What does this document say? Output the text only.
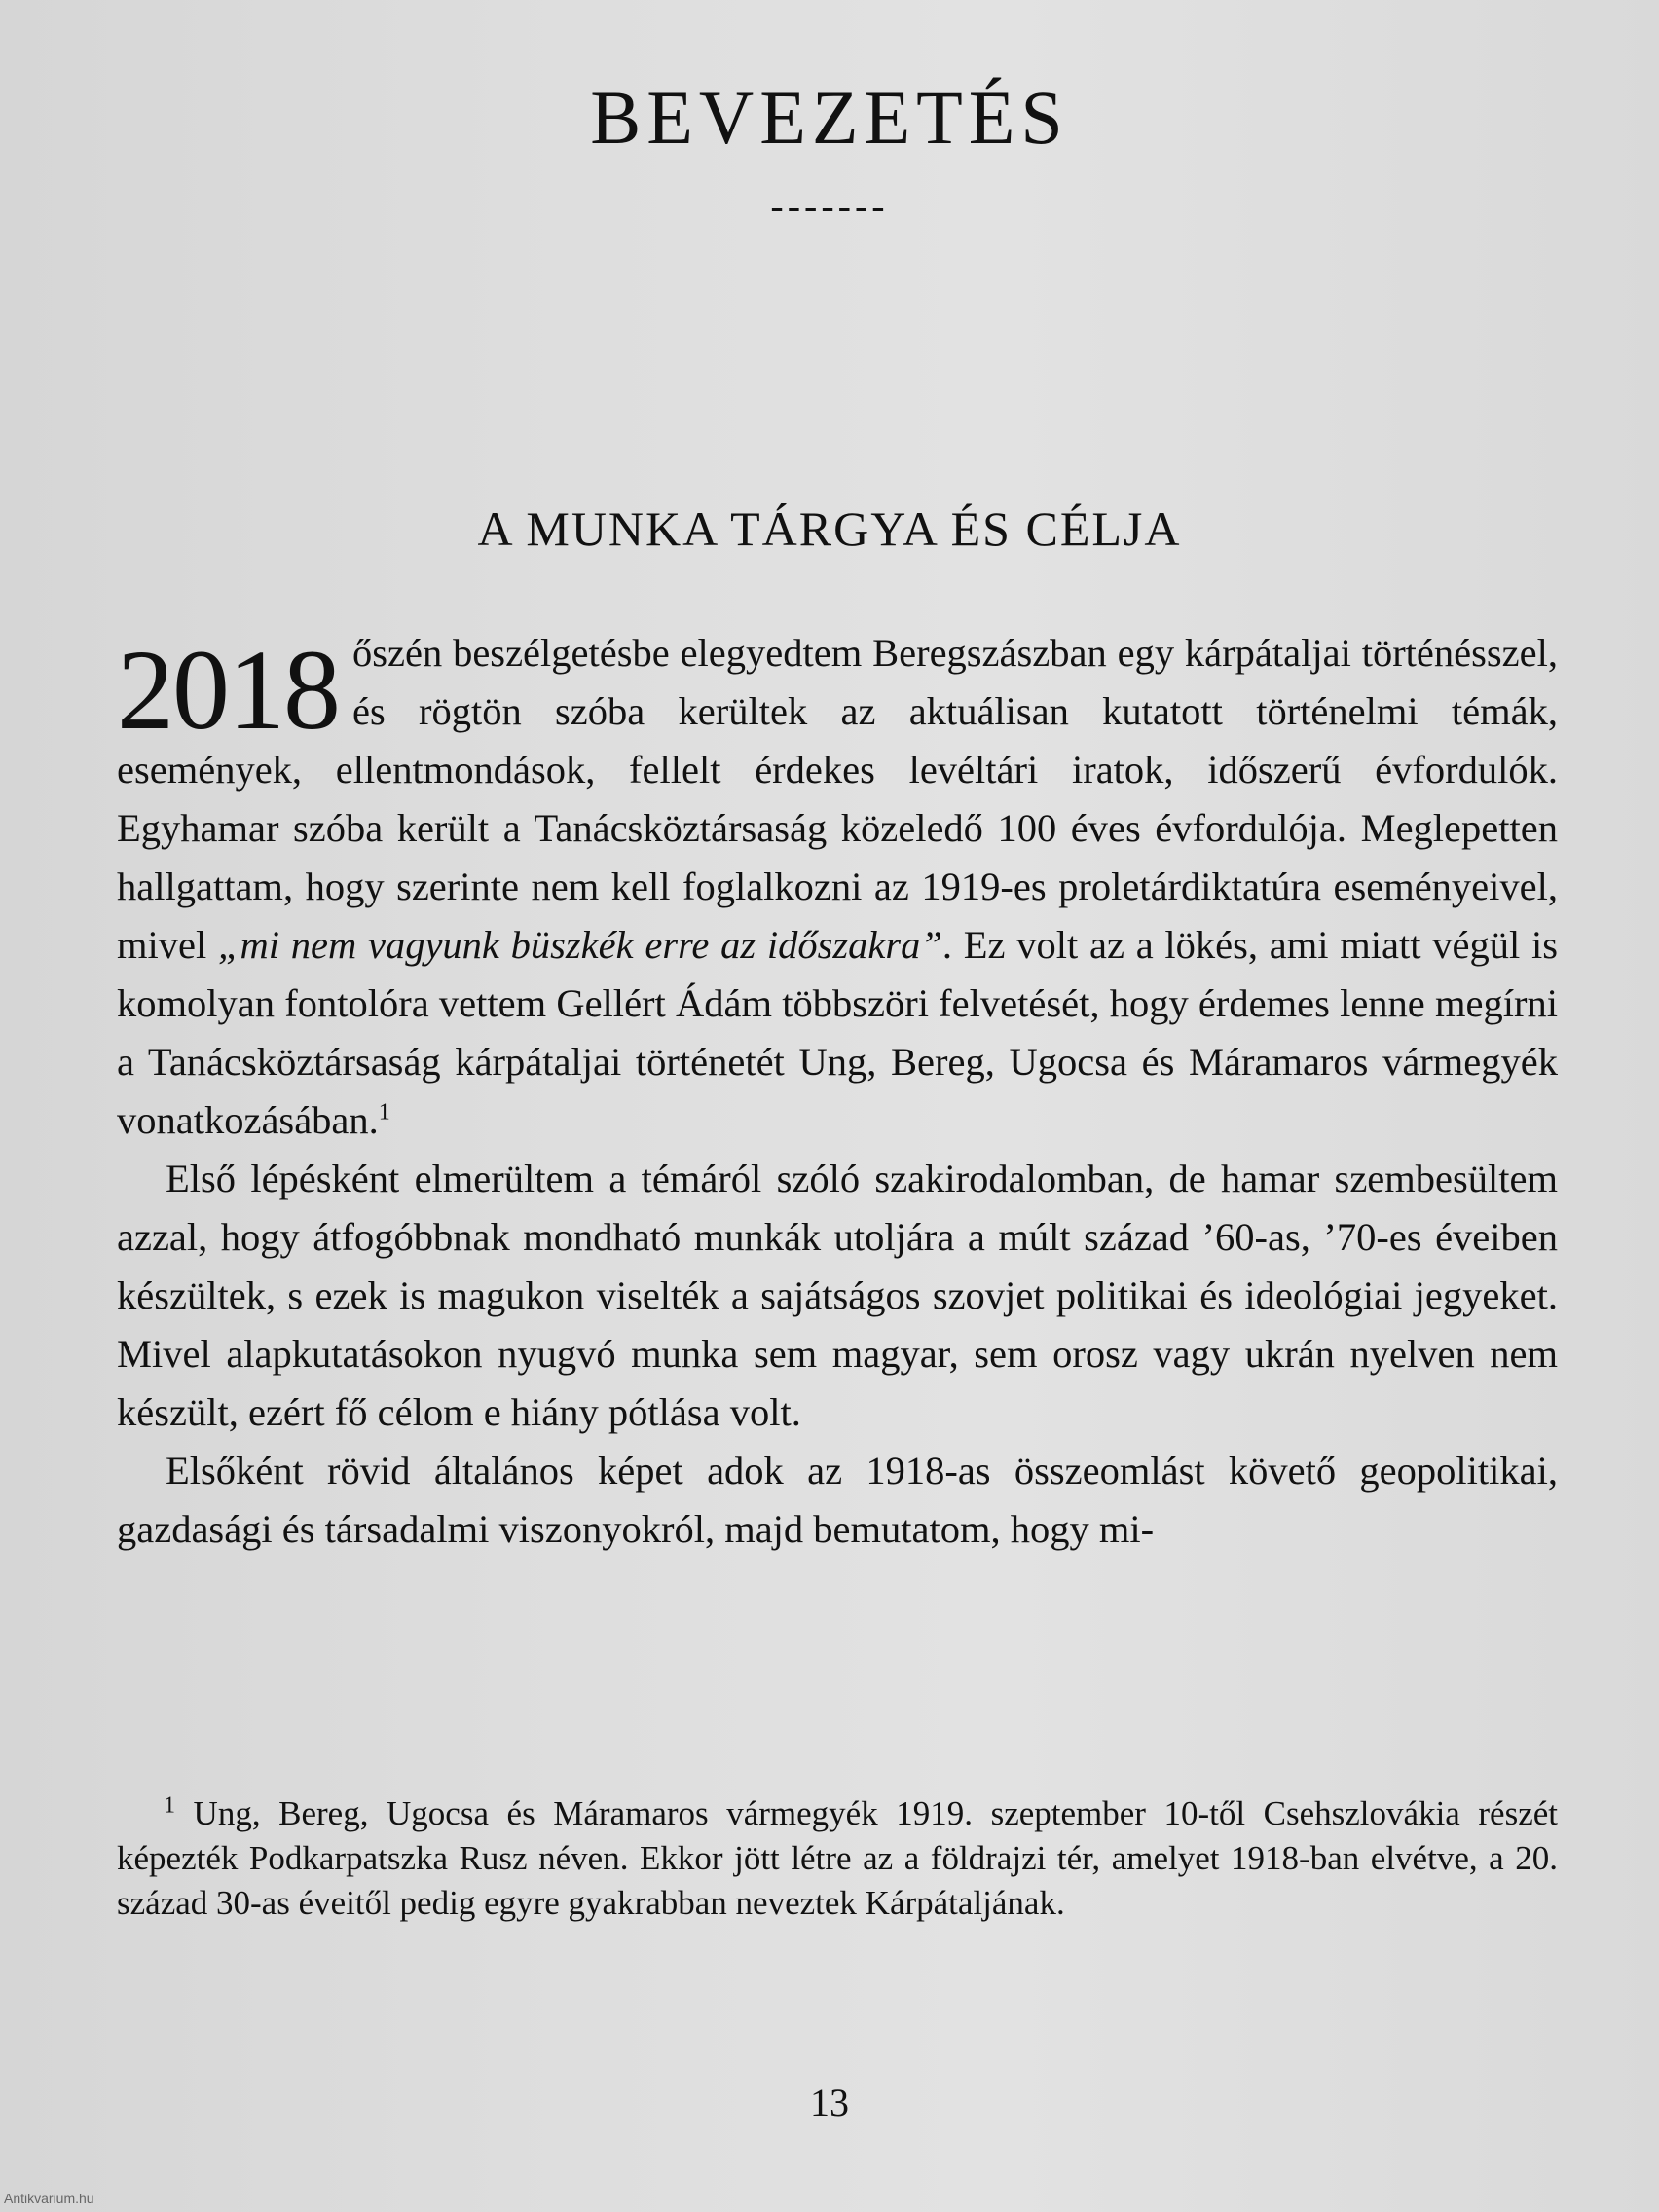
BEVEZETÉS
-------
A MUNKA TÁRGYA ÉS CÉLJA

2018 őszén beszélgetésbe elegyedtem Beregszászban egy kárpátaljai történésszel, és rögtön szóba kerültek az aktuálisan kutatott történelmi témák, események, ellentmondások, fellelt érdekes levéltári iratok, időszerű évfordulók. Egyhamar szóba került a Tanácsköztársaság közeledő 100 éves évfordulója. Meglepetten hallgattam, hogy szerinte nem kell foglalkozni az 1919-es proletárdiktatúra eseményeivel, mivel „mi nem vagyunk büszkék erre az időszakra”. Ez volt az a lökés, ami miatt végül is komolyan fontolóra vettem Gellért Ádám többszöri felvetését, hogy érdemes lenne megírni a Tanácsköztársaság kárpátaljai történetét Ung, Bereg, Ugocsa és Máramaros vármegyék vonatkozásában.$^1$

Első lépésként elmerültem a témáról szóló szakirodalomban, de hamar szembesültem azzal, hogy átfogóbbnak mondható munkák utoljára a múlt század ’60-as, ’70-es éveiben készültek, s ezek is magukon viselték a sajátságos szovjet politikai és ideológiai jegyeket. Mivel alapkutatásokon nyugvó munka sem magyar, sem orosz vagy ukrán nyelven nem készült, ezért fő célom e hiány pótlása volt.

Elsőként rövid általános képet adok az 1918-as összeomlást követő geopolitikai, gazdasági és társadalmi viszonyokról, majd bemutatom, hogy mi-

$^1$ Ung, Bereg, Ugocsa és Máramaros vármegyék 1919. szeptember 10-től Csehszlovákia részét képezték Podkarpatszka Rusz néven. Ekkor jött létre az a földrajzi tér, amelyet 1918-ban elvétve, a 20. század 30-as éveitől pedig egyre gyakrabban neveztek Kárpátaljának.

13
Antikvarium.hu
